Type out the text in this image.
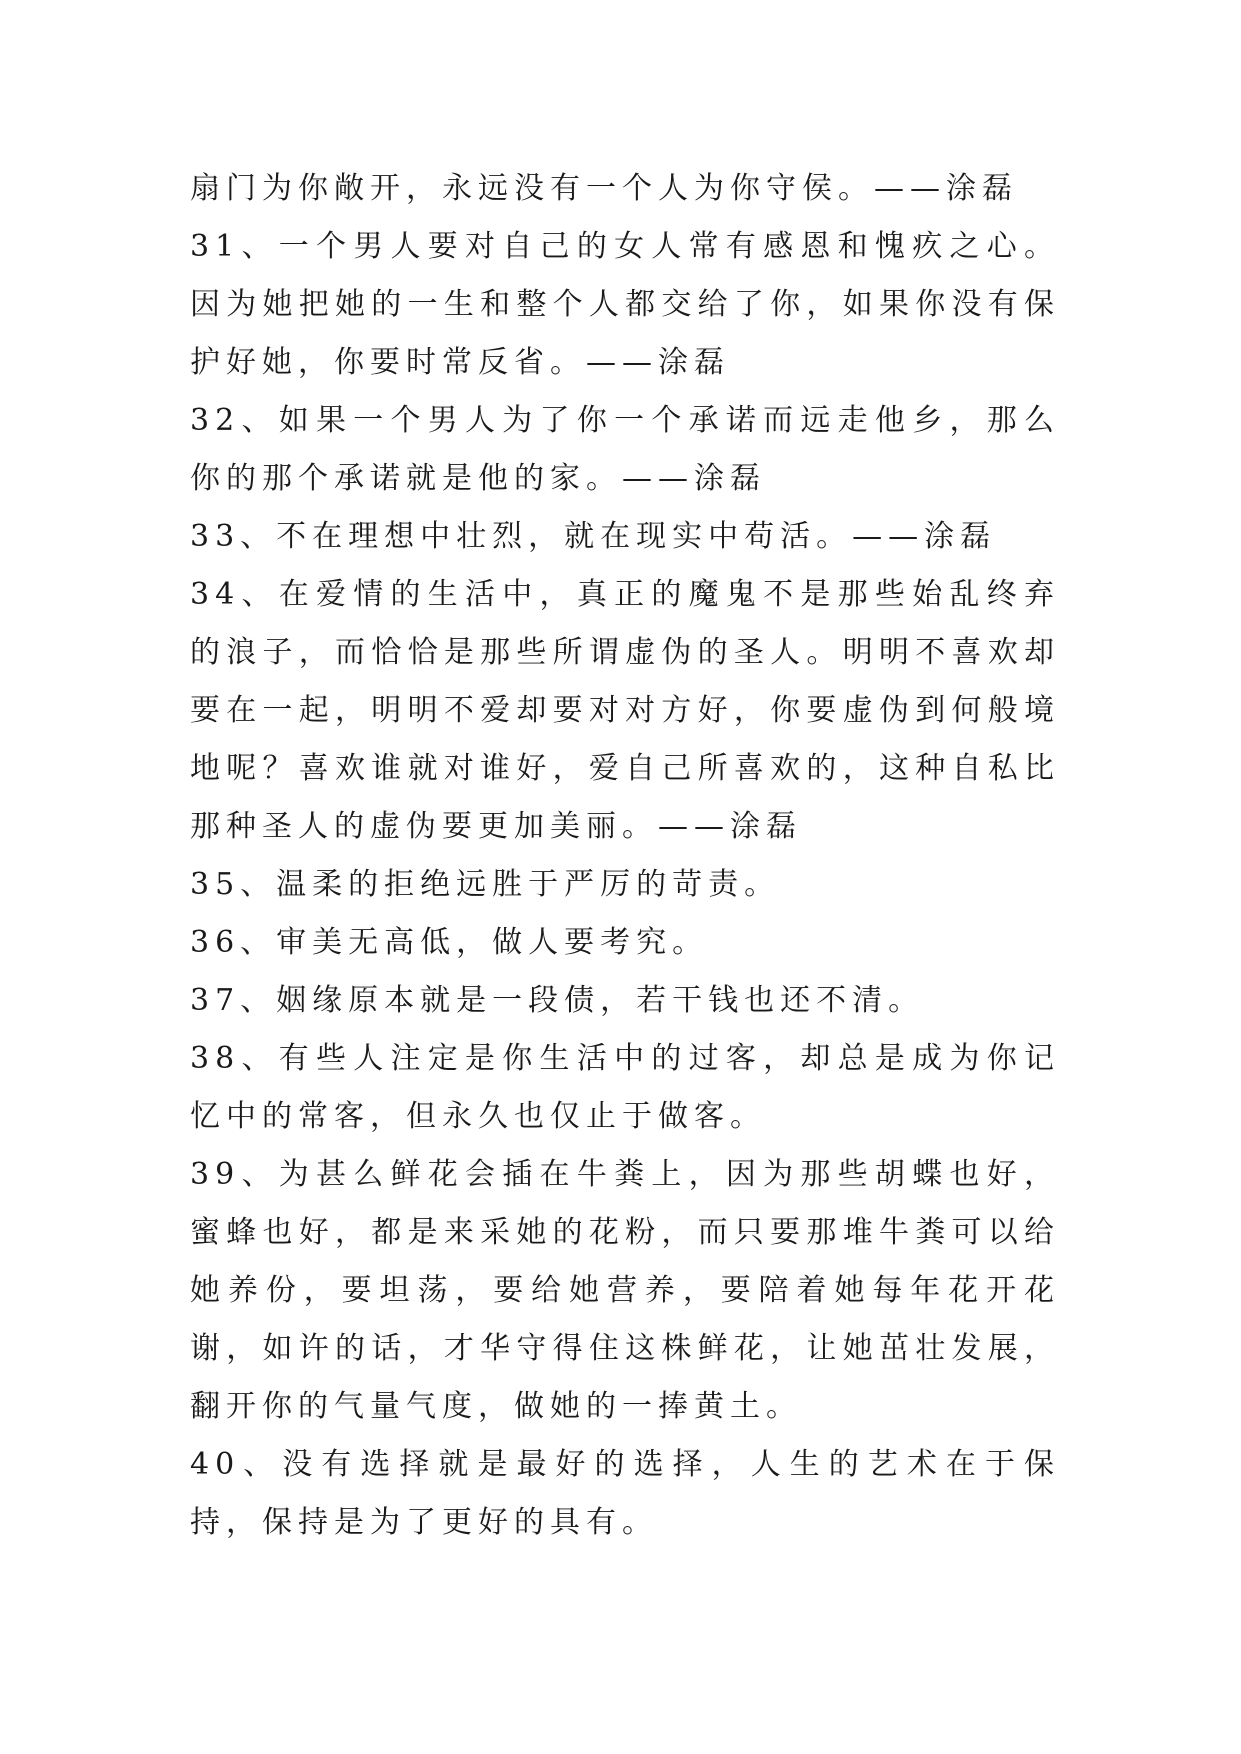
扇门为你敞开，永远没有一个人为你守侯。——涂磊

31、一个男人要对自己的女人常有感恩和愧疚之心。因为她把她的一生和整个人都交给了你，如果你没有保护好她，你要时常反省。——涂磊

32、如果一个男人为了你一个承诺而远走他乡，那么你的那个承诺就是他的家。——涂磊

33、不在理想中壮烈，就在现实中苟活。——涂磊

34、在爱情的生活中，真正的魔鬼不是那些始乱终弃的浪子，而恰恰是那些所谓虚伪的圣人。明明不喜欢却要在一起，明明不爱却要对对方好，你要虚伪到何般境地呢？喜欢谁就对谁好，爱自己所喜欢的，这种自私比那种圣人的虚伪要更加美丽。——涂磊

35、温柔的拒绝远胜于严厉的苛责。

36、审美无高低，做人要考究。

37、姻缘原本就是一段债，若干钱也还不清。

38、有些人注定是你生活中的过客，却总是成为你记忆中的常客，但永久也仅止于做客。

39、为甚么鲜花会插在牛粪上，因为那些胡蝶也好，蜜蜂也好，都是来采她的花粉，而只要那堆牛粪可以给她养份，要坦荡，要给她营养，要陪着她每年花开花谢，如许的话，才华守得住这株鲜花，让她茁壮发展，翻开你的气量气度，做她的一捧黄土。

40、没有选择就是最好的选择，人生的艺术在于保持，保持是为了更好的具有。
